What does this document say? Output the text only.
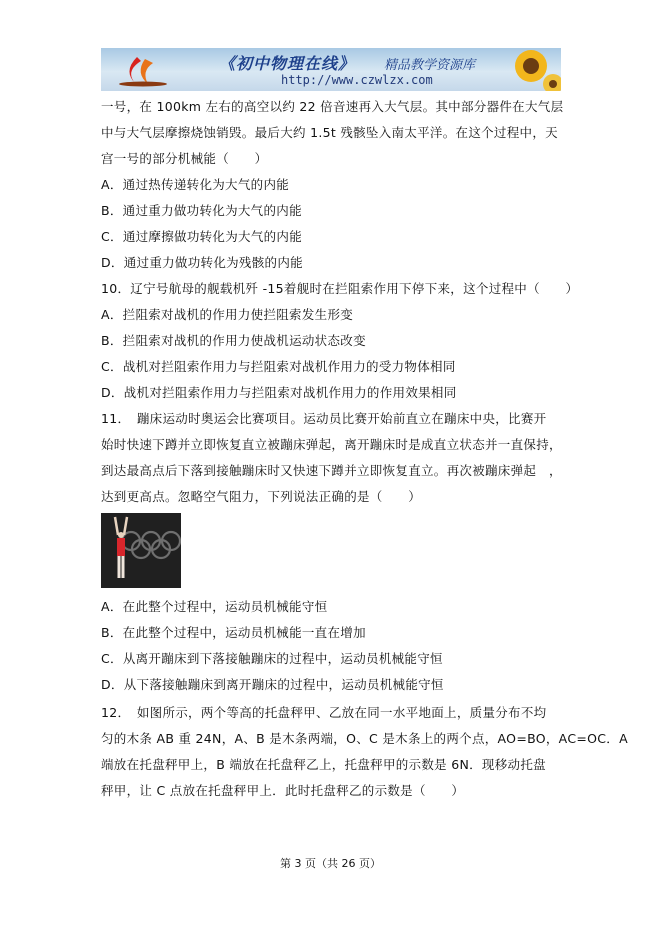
《初中物理在线》 精品教学资源库
http://www.czwlzx.com
一号，在 100km 左右的高空以约 22 倍音速再入大气层。其中部分器件在大气层
中与大气层摩擦烧蚀销毁。最后大约 1.5t 残骸坠入南太平洋。在这个过程中，天
宫一号的部分机械能（　　）
A．通过热传递转化为大气的内能
B．通过重力做功转化为大气的内能
C．通过摩擦做功转化为大气的内能
D．通过重力做功转化为残骸的内能
10．辽宁号航母的舰载机歼 -15着舰时在拦阻索作用下停下来，这个过程中（　　）
A．拦阻索对战机的作用力使拦阻索发生形变
B．拦阻索对战机的作用力使战机运动状态改变
C．战机对拦阻索作用力与拦阻索对战机作用力的受力物体相同
D．战机对拦阻索作用力与拦阻索对战机作用力的作用效果相同
11．　蹦床运动时奥运会比赛项目。运动员比赛开始前直立在蹦床中央，比赛开
始时快速下蹲并立即恢复直立被蹦床弹起，离开蹦床时是成直立状态并一直保持，
到达最高点后下落到接触蹦床时又快速下蹲并立即恢复直立。再次被蹦床弹起　，
达到更高点。忽略空气阻力，下列说法正确的是（　　）
A．在此整个过程中，运动员机械能守恒
B．在此整个过程中，运动员机械能一直在增加
C．从离开蹦床到下落接触蹦床的过程中，运动员机械能守恒
D．从下落接触蹦床到离开蹦床的过程中，运动员机械能守恒
12．　如图所示，两个等高的托盘秤甲、乙放在同一水平地面上，质量分布不均
匀的木条 AB 重 24N，A、B 是木条两端，O、C 是木条上的两个点，AO=BO，AC=OC．A
端放在托盘秤甲上，B 端放在托盘秤乙上，托盘秤甲的示数是 6N．现移动托盘
秤甲，让 C 点放在托盘秤甲上．此时托盘秤乙的示数是（　　）
第 3 页（共 26 页）
